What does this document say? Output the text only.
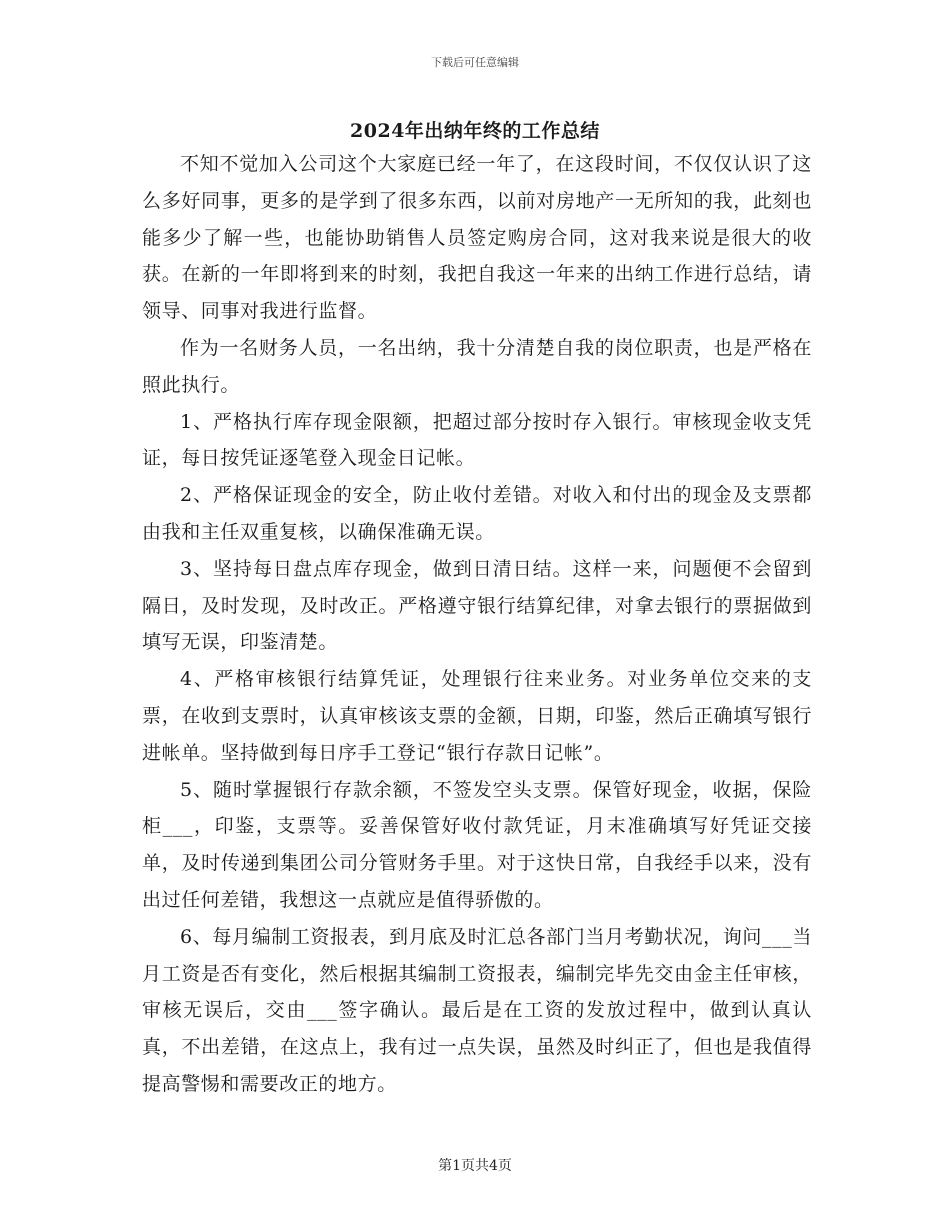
下载后可任意编辑
2024年出纳年终的工作总结

不知不觉加入公司这个大家庭已经一年了，在这段时间，不仅仅认识了这么多好同事，更多的是学到了很多东西，以前对房地产一无所知的我，此刻也能多少了解一些，也能协助销售人员签定购房合同，这对我来说是很大的收获。在新的一年即将到来的时刻，我把自我这一年来的出纳工作进行总结，请领导、同事对我进行监督。

作为一名财务人员，一名出纳，我十分清楚自我的岗位职责，也是严格在照此执行。

1、严格执行库存现金限额，把超过部分按时存入银行。审核现金收支凭证，每日按凭证逐笔登入现金日记帐。

2、严格保证现金的安全，防止收付差错。对收入和付出的现金及支票都由我和主任双重复核，以确保准确无误。

3、坚持每日盘点库存现金，做到日清日结。这样一来，问题便不会留到隔日，及时发现，及时改正。严格遵守银行结算纪律，对拿去银行的票据做到填写无误，印鉴清楚。

4、严格审核银行结算凭证，处理银行往来业务。对业务单位交来的支票，在收到支票时，认真审核该支票的金额，日期，印鉴，然后正确填写银行进帐单。坚持做到每日序手工登记“银行存款日记帐”。

5、随时掌握银行存款余额，不签发空头支票。保管好现金，收据，保险柜___，印鉴，支票等。妥善保管好收付款凭证，月末准确填写好凭证交接单，及时传递到集团公司分管财务手里。对于这快日常，自我经手以来，没有出过任何差错，我想这一点就应是值得骄傲的。

6、每月编制工资报表，到月底及时汇总各部门当月考勤状况，询问___当月工资是否有变化，然后根据其编制工资报表，编制完毕先交由金主任审核，审核无误后，交由___签字确认。最后是在工资的发放过程中，做到认真认真，不出差错，在这点上，我有过一点失误，虽然及时纠正了，但也是我值得提高警惕和需要改正的地方。

第1页共4页
